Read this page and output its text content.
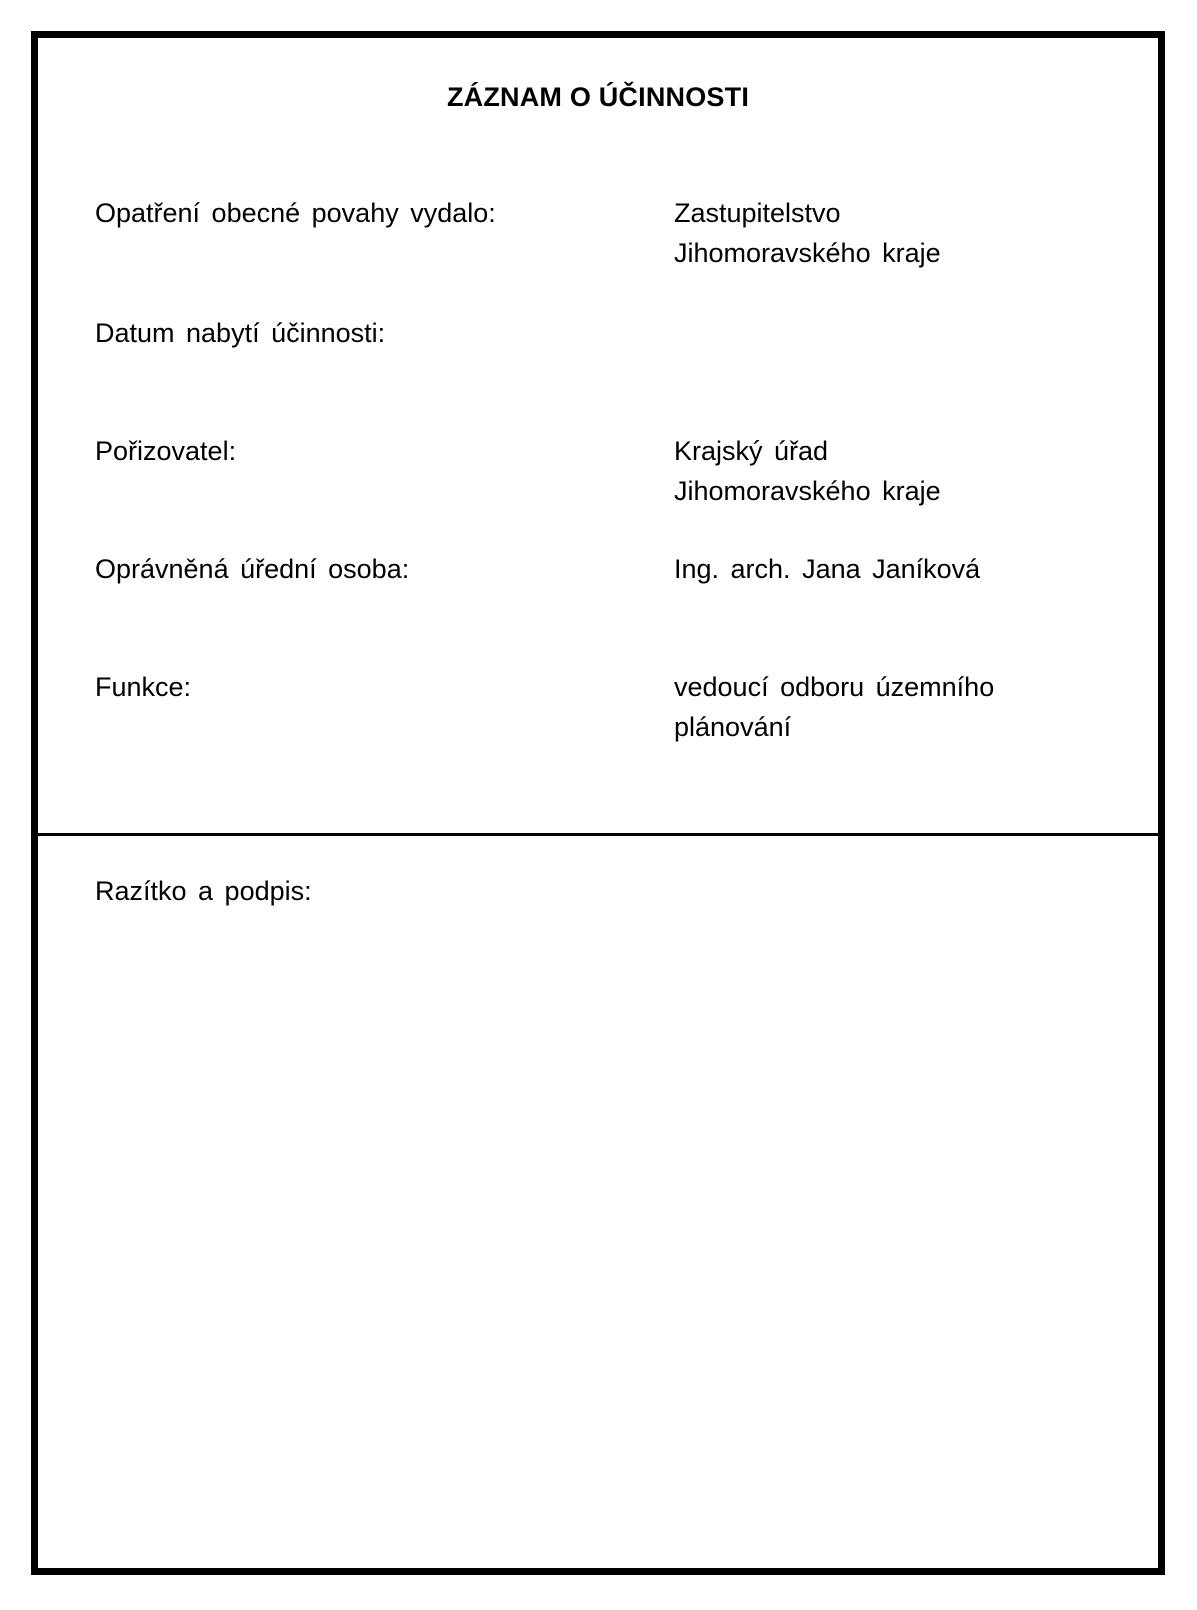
ZÁZNAM O ÚČINNOSTI
Opatření obecné povahy vydalo:	Zastupitelstvo
Jihomoravského kraje
Datum nabytí účinnosti:
Pořizovatel:	Krajský úřad
Jihomoravského kraje
Oprávněná úřední osoba:	Ing. arch. Jana Janíková
Funkce:	vedoucí odboru územního
plánování
Razítko a podpis:
